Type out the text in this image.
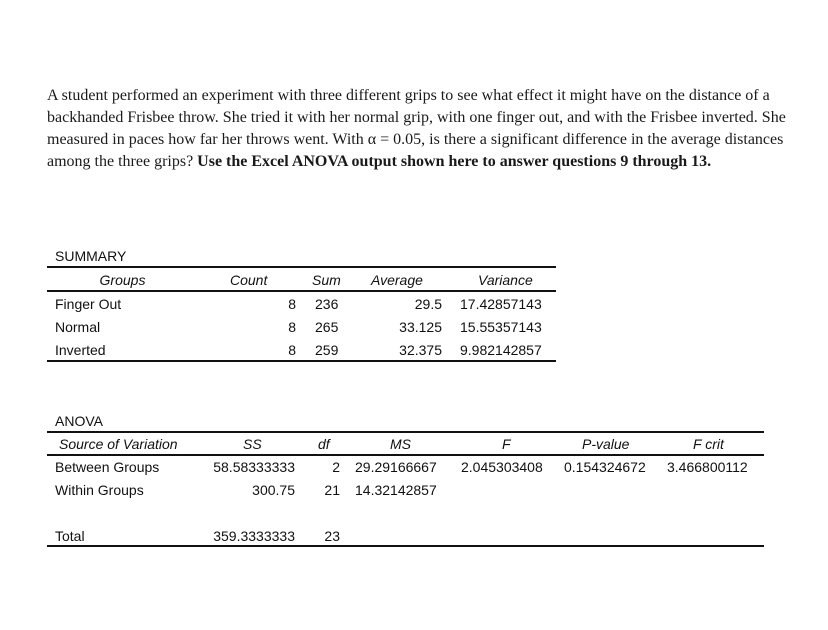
A student performed an experiment with three different grips to see what effect it might have on the distance of a backhanded Frisbee throw. She tried it with her normal grip, with one finger out, and with the Frisbee inverted. She measured in paces how far her throws went. With α = 0.05, is there a significant difference in the average distances among the three grips? Use the Excel ANOVA output shown here to answer questions 9 through 13.
SUMMARY
Groups	Count	Sum Average	Variance
Finger Out	8 236	29.5 17.42857143
Normal	8 265	33.125 15.55357143
Inverted	8 259	32.375 9.982142857
ANOVA
Source of Variation	SS	df	MS	F	P-value	F crit
Between Groups	58.58333333	2 29.29166667 2.045303408 0.154324672 3.466800112
Within Groups	300.75	21 14.32142857
Total	359.3333333	23
